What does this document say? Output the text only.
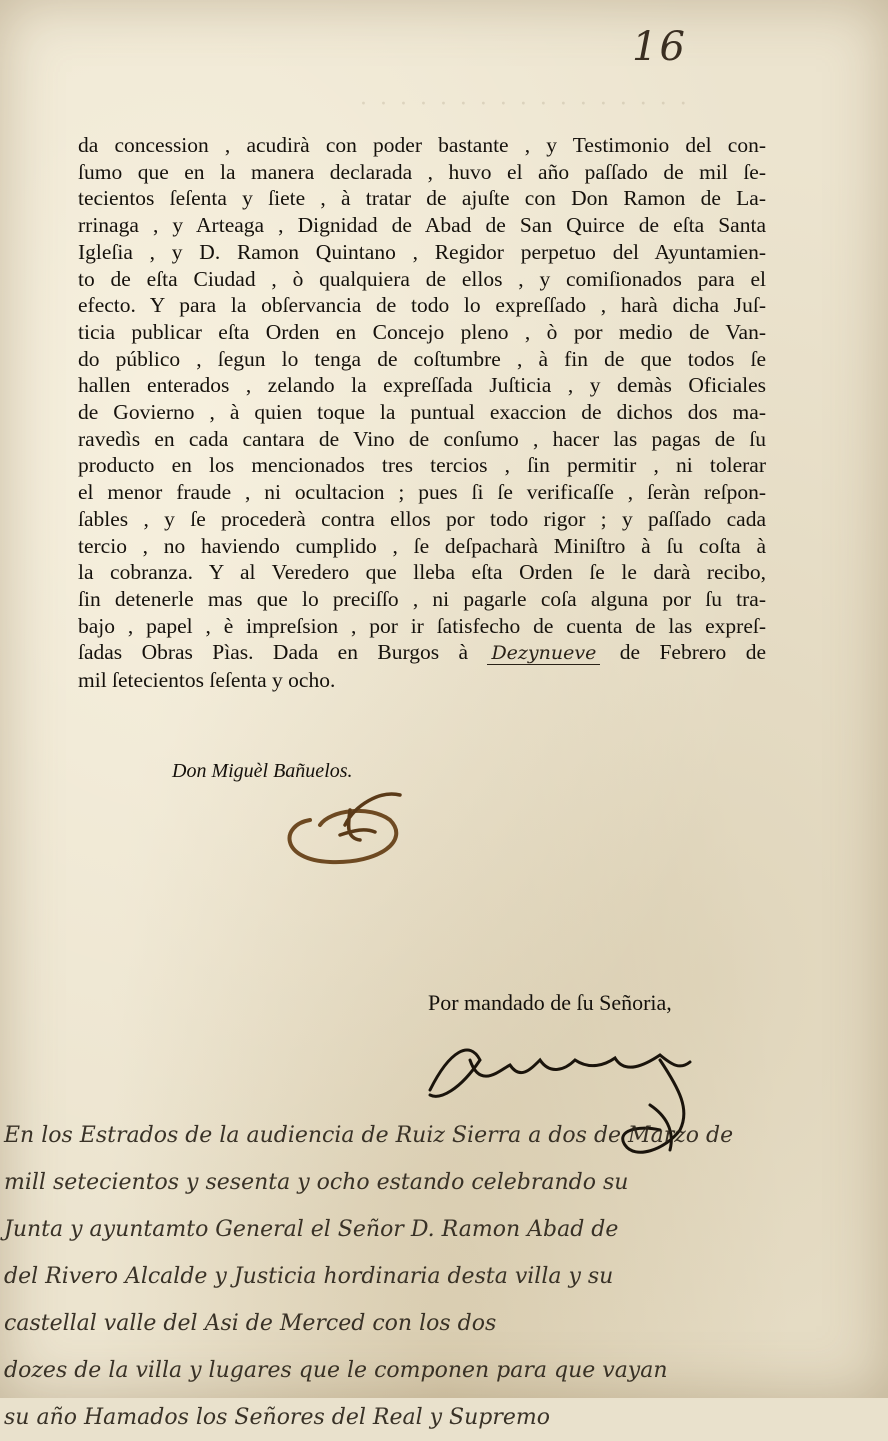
· · · · · · · · · · · · · · · · ·
16
da concession , acudirà con poder bastante , y Testimonio del con-
ſumo que en la manera declarada , huvo el año paſſado de mil ſe-
tecientos ſeſenta y ſiete , à tratar de ajuſte con Don Ramon de La-
rrinaga , y Arteaga , Dignidad de Abad de San Quirce de eſta Santa
Igleſia , y D. Ramon Quintano , Regidor perpetuo del Ayuntamien-
to de eſta Ciudad , ò qualquiera de ellos , y comiſionados para el
efecto. Y para la obſervancia de todo lo expreſſado , harà dicha Juſ-
ticia publicar eſta Orden en Concejo pleno , ò por medio de Van-
do público , ſegun lo tenga de coſtumbre , à fin de que todos ſe
hallen enterados , zelando la expreſſada Juſticia , y demàs Oficiales
de Govierno , à quien toque la puntual exaccion de dichos dos ma-
ravedìs en cada cantara de Vino de conſumo , hacer las pagas de ſu
producto en los mencionados tres tercios , ſin permitir , ni tolerar
el menor fraude , ni ocultacion ; pues ſi ſe verificaſſe , ſeràn reſpon-
ſables , y ſe procederà contra ellos por todo rigor ; y paſſado cada
tercio , no haviendo cumplido , ſe deſpacharà Miniſtro à ſu coſta à
la cobranza. Y al Veredero que lleba eſta Orden ſe le darà recibo,
ſin detenerle mas que lo preciſſo , ni pagarle coſa alguna por ſu tra-
bajo , papel , è impreſsion , por ir ſatisfecho de cuenta de las expreſ-
ſadas Obras Pìas. Dada en Burgos à Dezynueve de Febrero de
mil ſetecientos ſeſenta y ocho.
Don Miguèl Bañuelos.
Por mandado de ſu Señoria,
En los Estrados de la audiencia de Ruiz Sierra a dos de Marzo de
mill setecientos y sesenta y ocho estando celebrando su
Junta y ayuntamto General el Señor D. Ramon Abad de
del Rivero Alcalde y Justicia hordinaria desta villa y su
castellal valle del Asi de Merced con los dos
dozes de la villa y lugares que le componen para que vayan
su año Hamados los Señores del Real y Supremo
